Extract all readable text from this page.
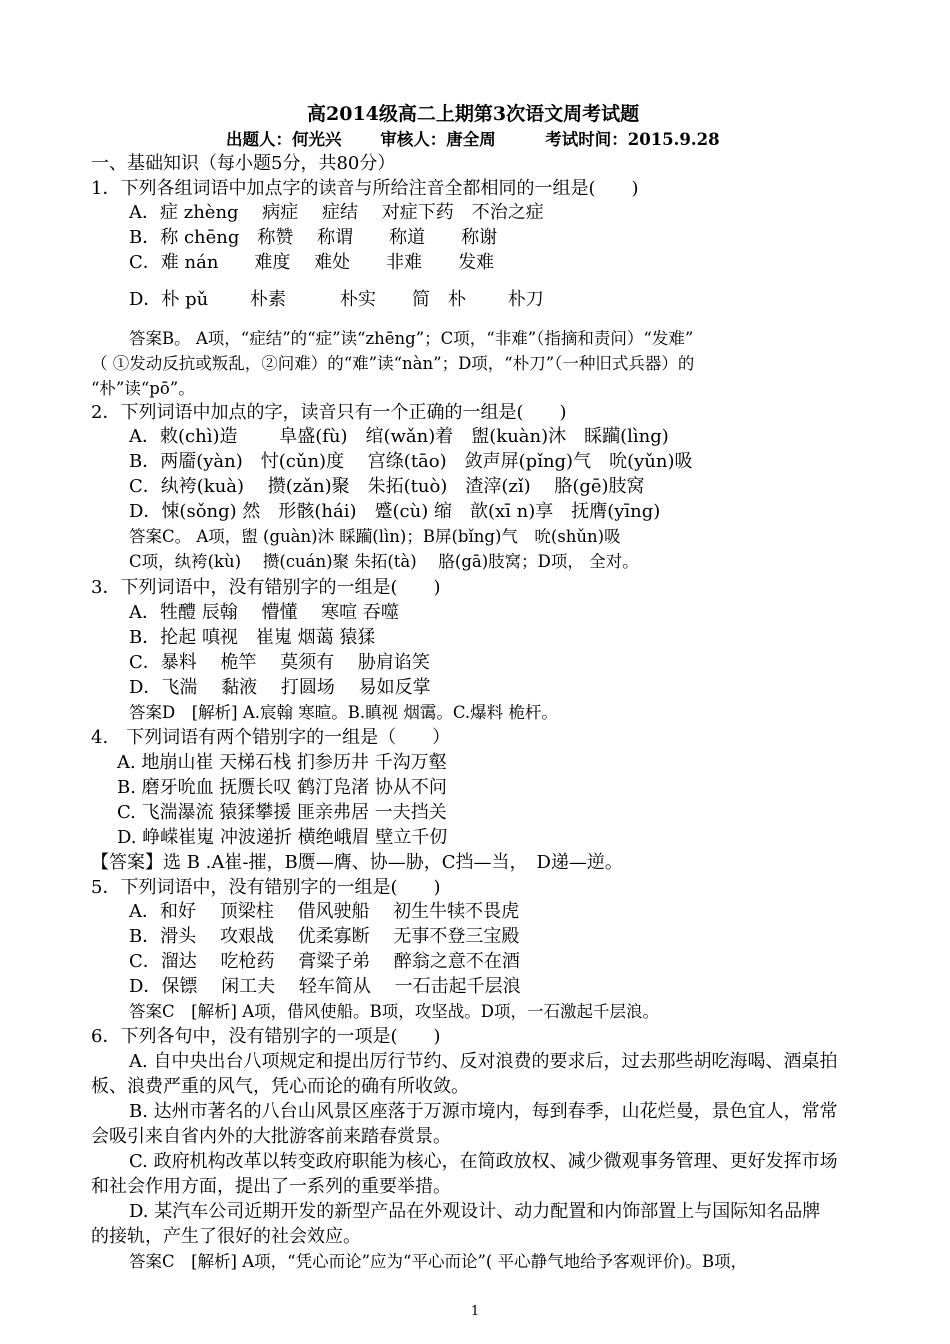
高2014级高二上期第3次语文周考试题
出题人：何光兴　　 审核人：唐全周　　　考试时间：2015.9.28
一、基础知识（每小题5分，共80分）
1．下列各组词语中加点字的读音与所给注音全都相同的一组是(　　)
A．症 zhèng　 病症　 症结　 对症下药　不治之症
B．称 chēng　称赞　 称谓　　称道　　称谢
C．难 nán　　难度　 难处　　非难　　发难
D．朴 pǔ　　 朴素　　　朴实　　简　朴　　 朴刀
答案B。 A项，“症结”的“症”读“zhēng”；C项，“非难”（指摘和责问）“发难”
（ ①发动反抗或叛乱，②问难）的“难”读“nàn”；D项，“朴刀”（一种旧式兵器）的
“朴”读“pō”。
2．下列词语中加点的字，读音只有一个正确的一组是(　　)
A．敕(chì)造　　 阜盛(fù)　绾(wǎn)着　盥(kuàn)沐　睬躏(lìng)
B．两靥(yàn)　忖(cǔn)度　 宫绦(tāo)　敛声屏(pǐng)气　吮(yǔn)吸
C．纨袴(kuà)　 攒(zǎn)聚　朱拓(tuò)　渣滓(zǐ)　 胳(gē)肢窝
D．悚(sǒng) 然　形骸(hái)　蹙(cù) 缩　歆(xī n)享　抚膺(yīng)
答案C。 A项，盥 (guàn)沐 睬躏(lìn)；B屏(bǐng)气　吮(shǔn)吸
C项，纨袴(kù)　 攒(cuán)聚 朱拓(tà)　 胳(gā)肢窝；D项， 全对。
3．下列词语中，没有错别字的一组是(　　)
A．牲醴 辰翰　 懵懂　 寒喧 吞噬
B．抡起 嗔视　崔嵬 烟蔼 猿猱
C．暴料　 桅竿　 莫须有　 胁肩谄笑
D．飞湍　 黏液　 打圆场　 易如反掌
答案D　[解析] A.宸翰 寒暄。B.瞋视 烟霭。C.爆料 桅杆。
4.　下列词语有两个错别字的一组是（　　）
A. 地崩山崔 天梯石栈 扪参历井 千沟万壑
B. 磨牙吮血 抚赝长叹 鹤汀凫渚 协从不问
C. 飞湍瀑流 猿猱攀援 匪亲弗居 一夫挡关
D. 峥嵘崔嵬 冲波递折 横绝峨眉 壁立千仞
【答案】选 B .A崔-摧，B赝—膺、协—胁，C挡—当，　D递—逆。
5．下列词语中，没有错别字的一组是(　　)
A．和好　 顶梁柱　 借风驶船　 初生牛犊不畏虎
B．滑头　 攻艰战　 优柔寡断　 无事不登三宝殿
C．溜达　 吃枪药　 膏粱子弟　 醉翁之意不在酒
D．保镖　 闲工夫　 轻车简从　 一石击起千层浪
答案C　[解析] A项，借风使船。B项，攻坚战。D项，一石激起千层浪。
6．下列各句中，没有错别字的一项是(　　)
A. 自中央出台八项规定和提出厉行节约、反对浪费的要求后，过去那些胡吃海喝、酒桌拍
板、浪费严重的风气，凭心而论的确有所收敛。
B. 达州市著名的八台山风景区座落于万源市境内，每到春季，山花烂曼，景色宜人，常常
会吸引来自省内外的大批游客前来踏春赏景。
C. 政府机构改革以转变政府职能为核心，在简政放权、减少微观事务管理、更好发挥市场
和社会作用方面，提出了一系列的重要举措。
D. 某汽车公司近期开发的新型产品在外观设计、动力配置和内饰部置上与国际知名品牌
的接轨，产生了很好的社会效应。
答案C　[解析] A项，“凭心而论”应为“平心而论”( 平心静气地给予客观评价)。B项，
1
